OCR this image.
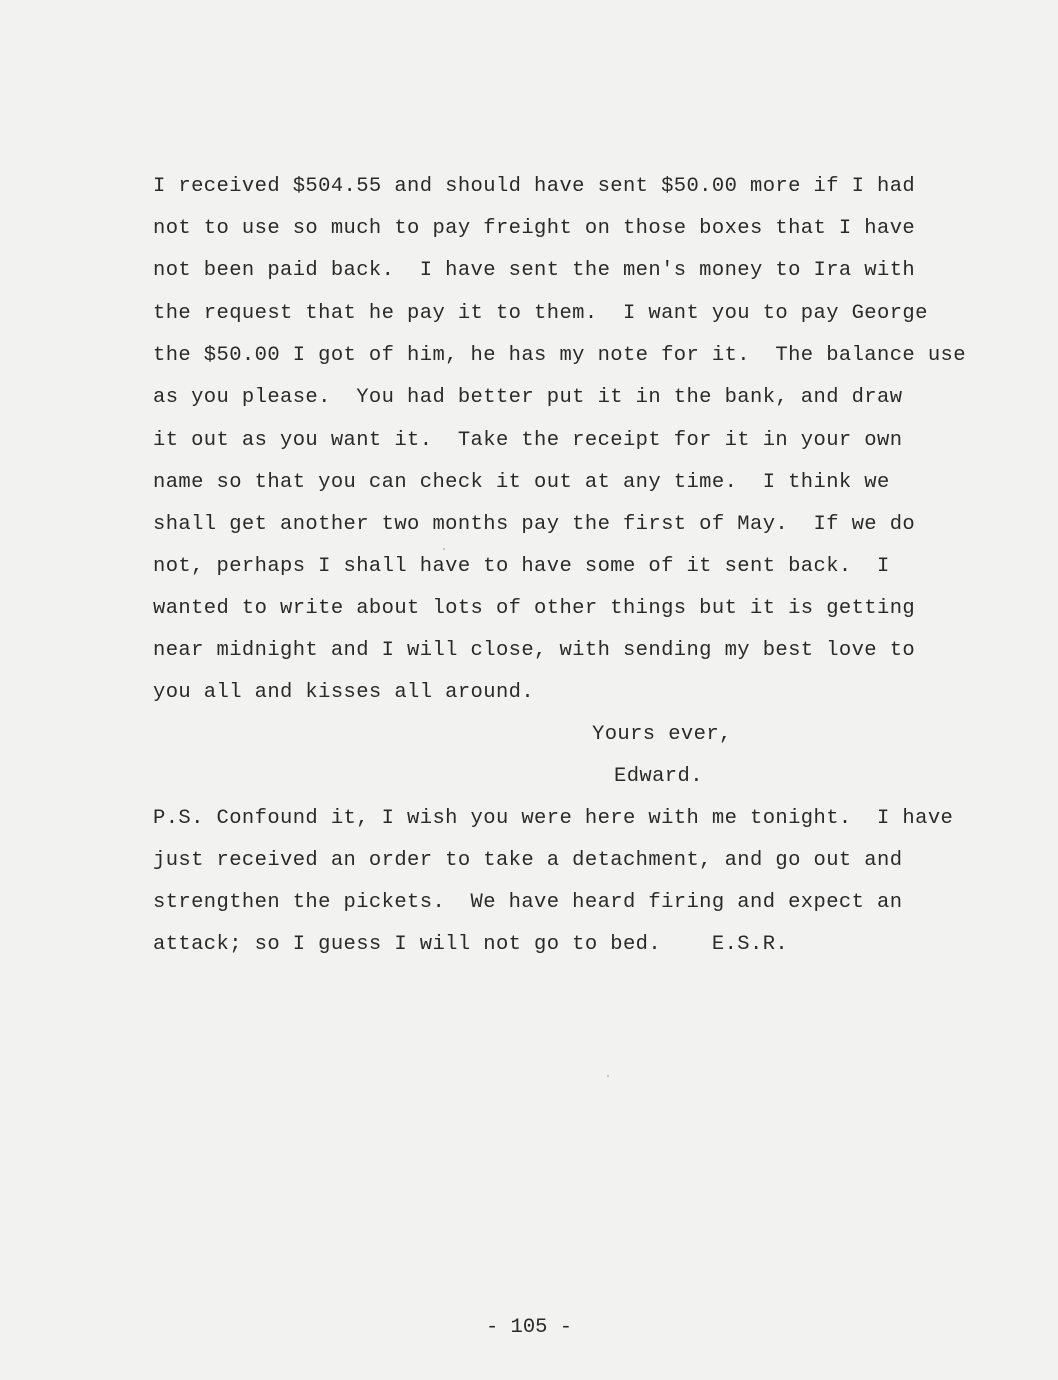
I received $504.55 and should have sent $50.00 more if I had

not to use so much to pay freight on those boxes that I have

not been paid back.  I have sent the men's money to Ira with

the request that he pay it to them.  I want you to pay George

the $50.00 I got of him, he has my note for it.  The balance use

as you please.  You had better put it in the bank, and draw

it out as you want it.  Take the receipt for it in your own

name so that you can check it out at any time.  I think we

shall get another two months pay the first of May.  If we do

not, perhaps I shall have to have some of it sent back.  I

wanted to write about lots of other things but it is getting

near midnight and I will close, with sending my best love to

you all and kisses all around.

Yours ever,

Edward.

P.S. Confound it, I wish you were here with me tonight.  I have

just received an order to take a detachment, and go out and

strengthen the pickets.  We have heard firing and expect an

attack; so I guess I will not go to bed.    E.S.R.

- 105 -
